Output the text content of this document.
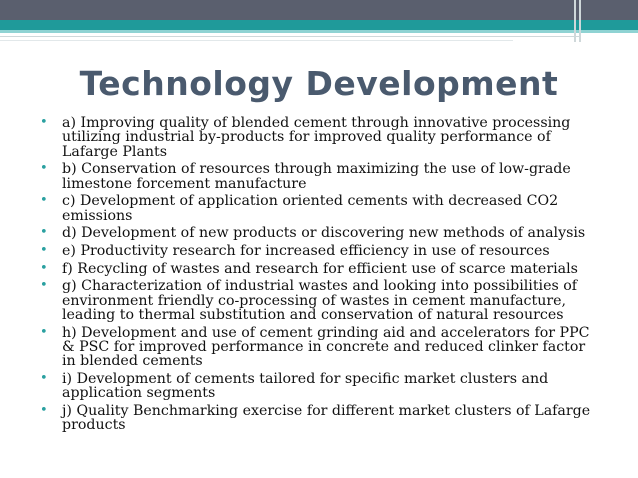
Technology Development
• a) Improving quality of blended cement through innovative processing utilizing industrial by-products for improved quality performance of Lafarge Plants
• b) Conservation of resources through maximizing the use of low-grade limestone forcement manufacture
• c) Development of application oriented cements with decreased CO2 emissions
• d) Development of new products or discovering new methods of analysis
• e) Productivity research for increased efficiency in use of resources
• f) Recycling of wastes and research for efficient use of scarce materials
• g) Characterization of industrial wastes and looking into possibilities of environment friendly co-processing of wastes in cement manufacture, leading to thermal substitution and conservation of natural resources
• h) Development and use of cement grinding aid and accelerators for PPC & PSC for improved performance in concrete and reduced clinker factor in blended cements
• i) Development of cements tailored for specific market clusters and application segments
• j) Quality Benchmarking exercise for different market clusters of Lafarge products
